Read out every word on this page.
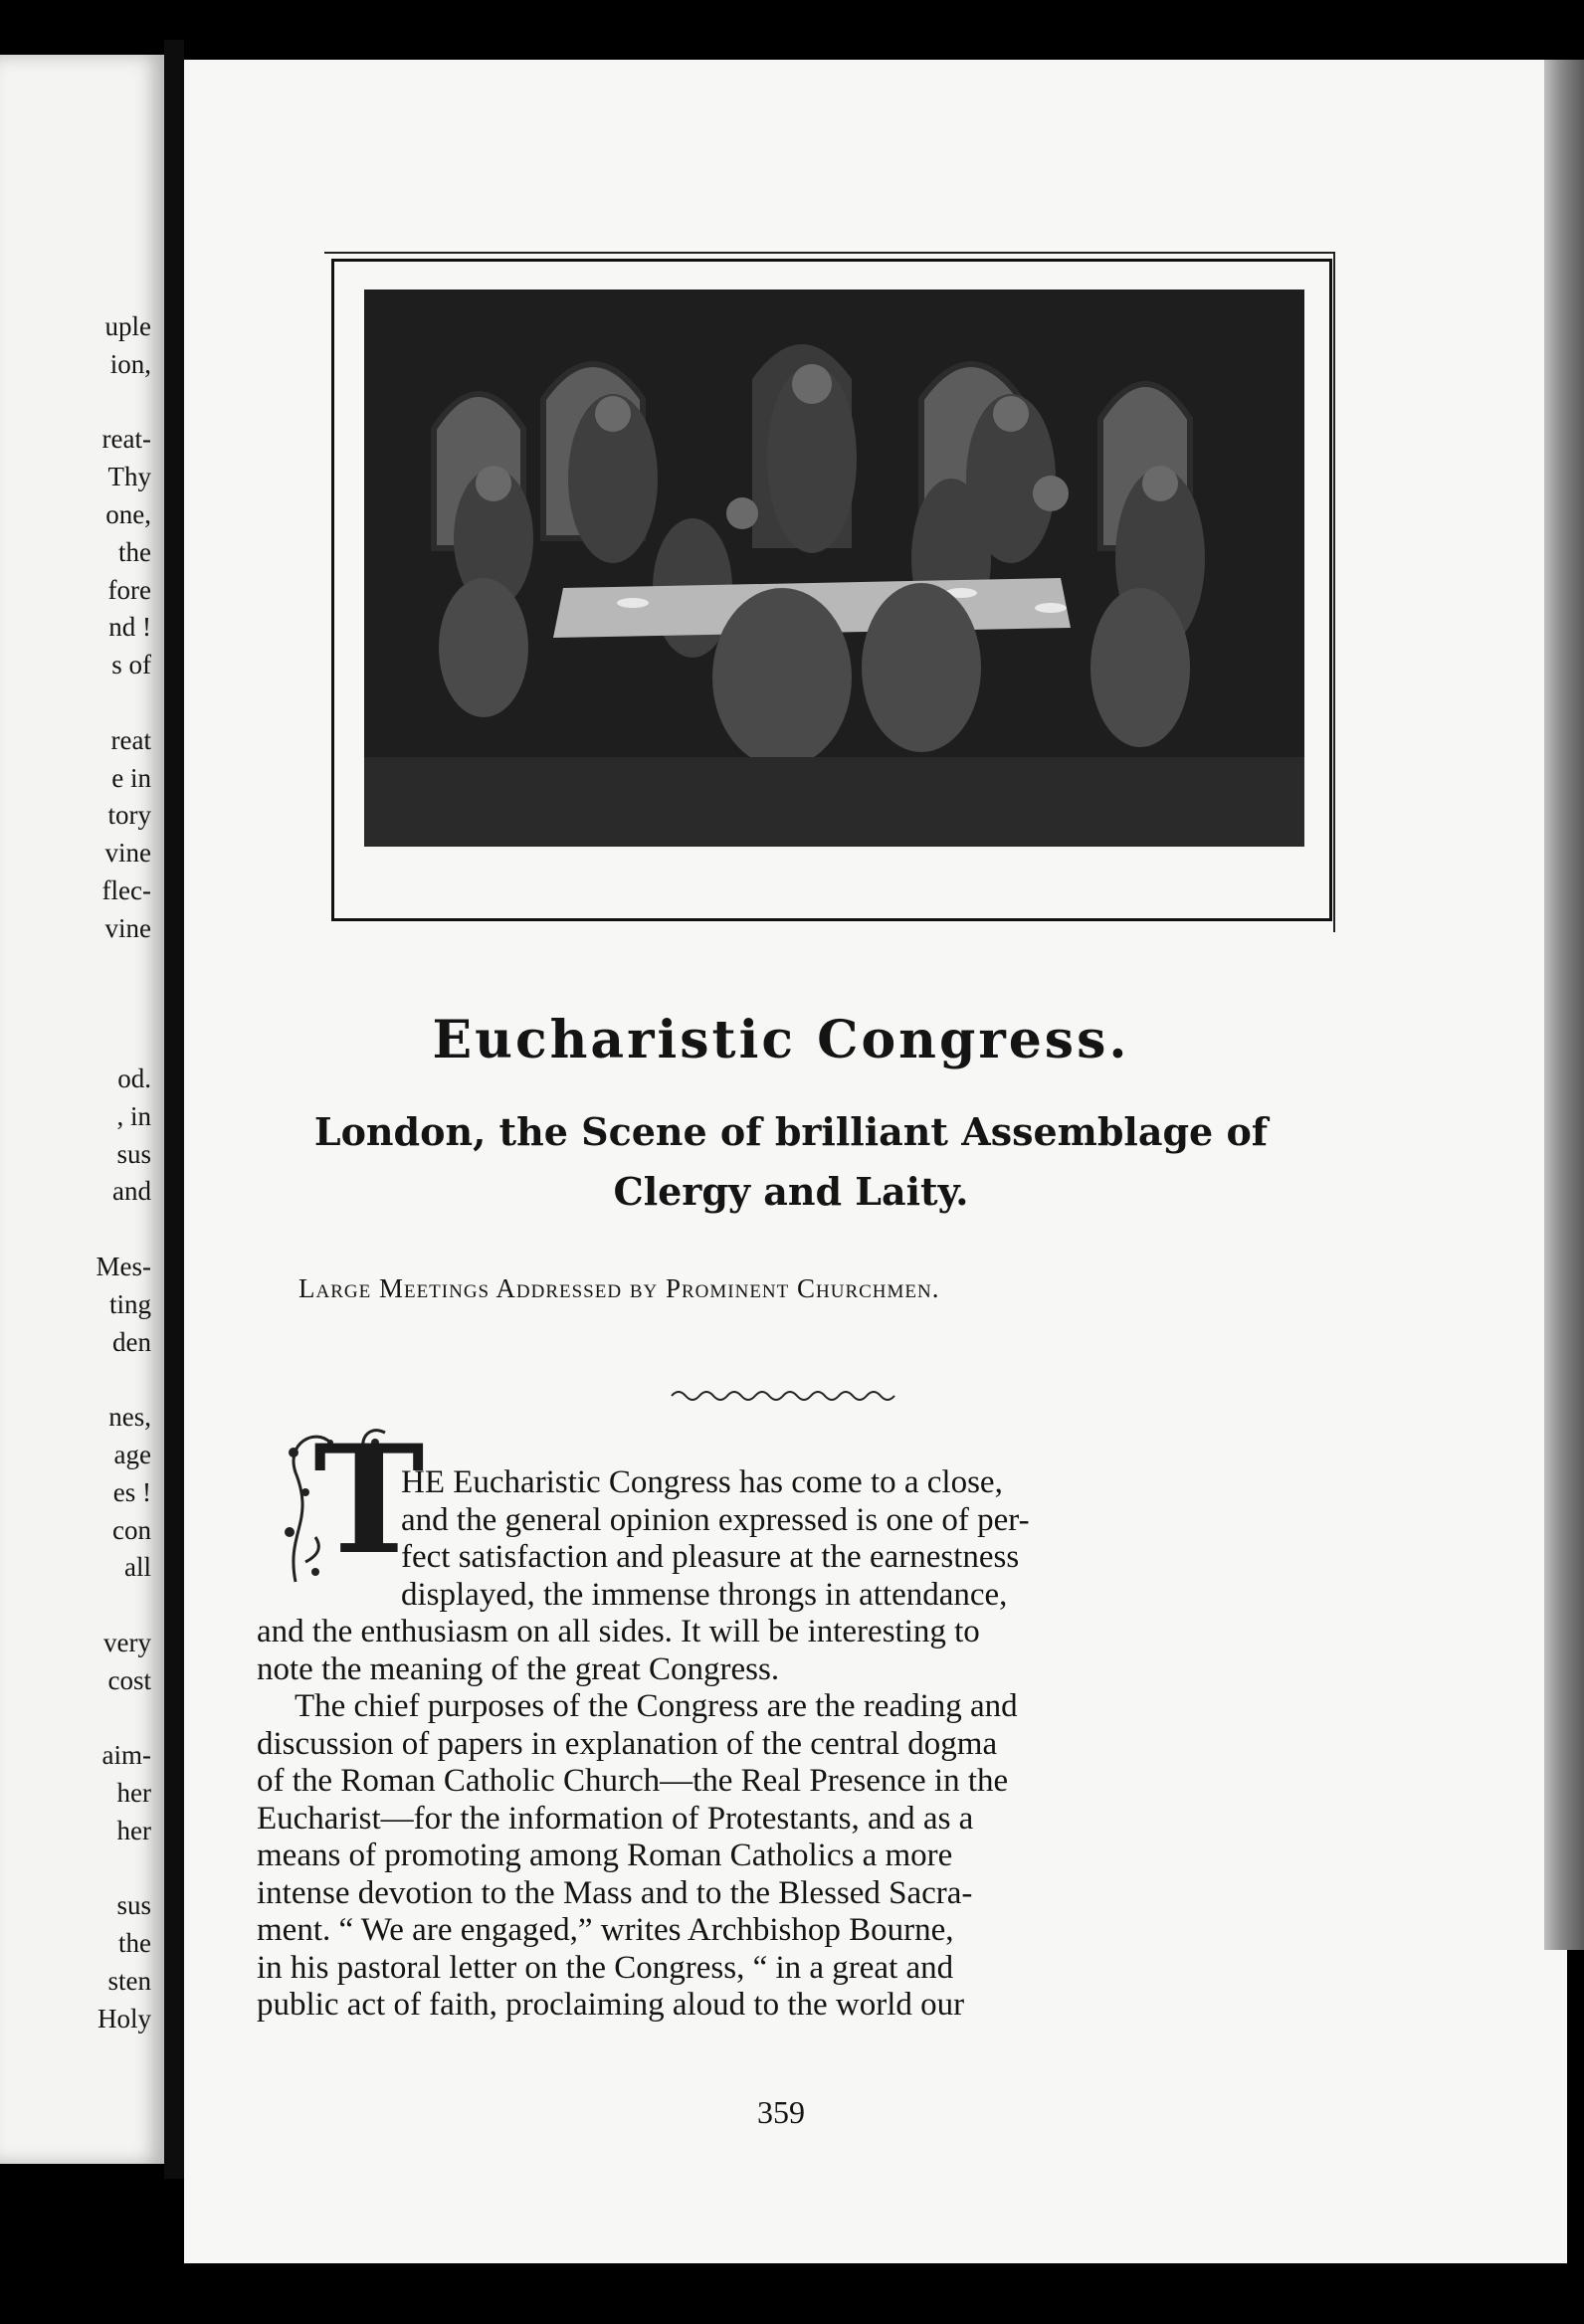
uple
ion,
reat-
Thy
one,
the
fore
nd !
s of
reat
e in
tory
vine
flec-
vine
od.
, in
sus
and
Mes-
ting
den
nes,
age
es !
con
all
very
cost
aim-
her
her
sus
the
sten
Holy
Eucharistic Congress.
London, the Scene of brilliant Assemblage of
Clergy and Laity.
Large Meetings Addressed by Prominent Churchmen.
T
HE Eucharistic Congress has come to a close,
and the general opinion expressed is one of per-
fect satisfaction and pleasure at the earnestness
displayed, the immense throngs in attendance,
and the enthusiasm on all sides. It will be interesting to
note the meaning of the great Congress.
The chief purposes of the Congress are the reading and
discussion of papers in explanation of the central dogma
of the Roman Catholic Church—the Real Presence in the
Eucharist—for the information of Protestants, and as a
means of promoting among Roman Catholics a more
intense devotion to the Mass and to the Blessed Sacra-
ment. “ We are engaged,” writes Archbishop Bourne,
in his pastoral letter on the Congress, “ in a great and
public act of faith, proclaiming aloud to the world our
359
